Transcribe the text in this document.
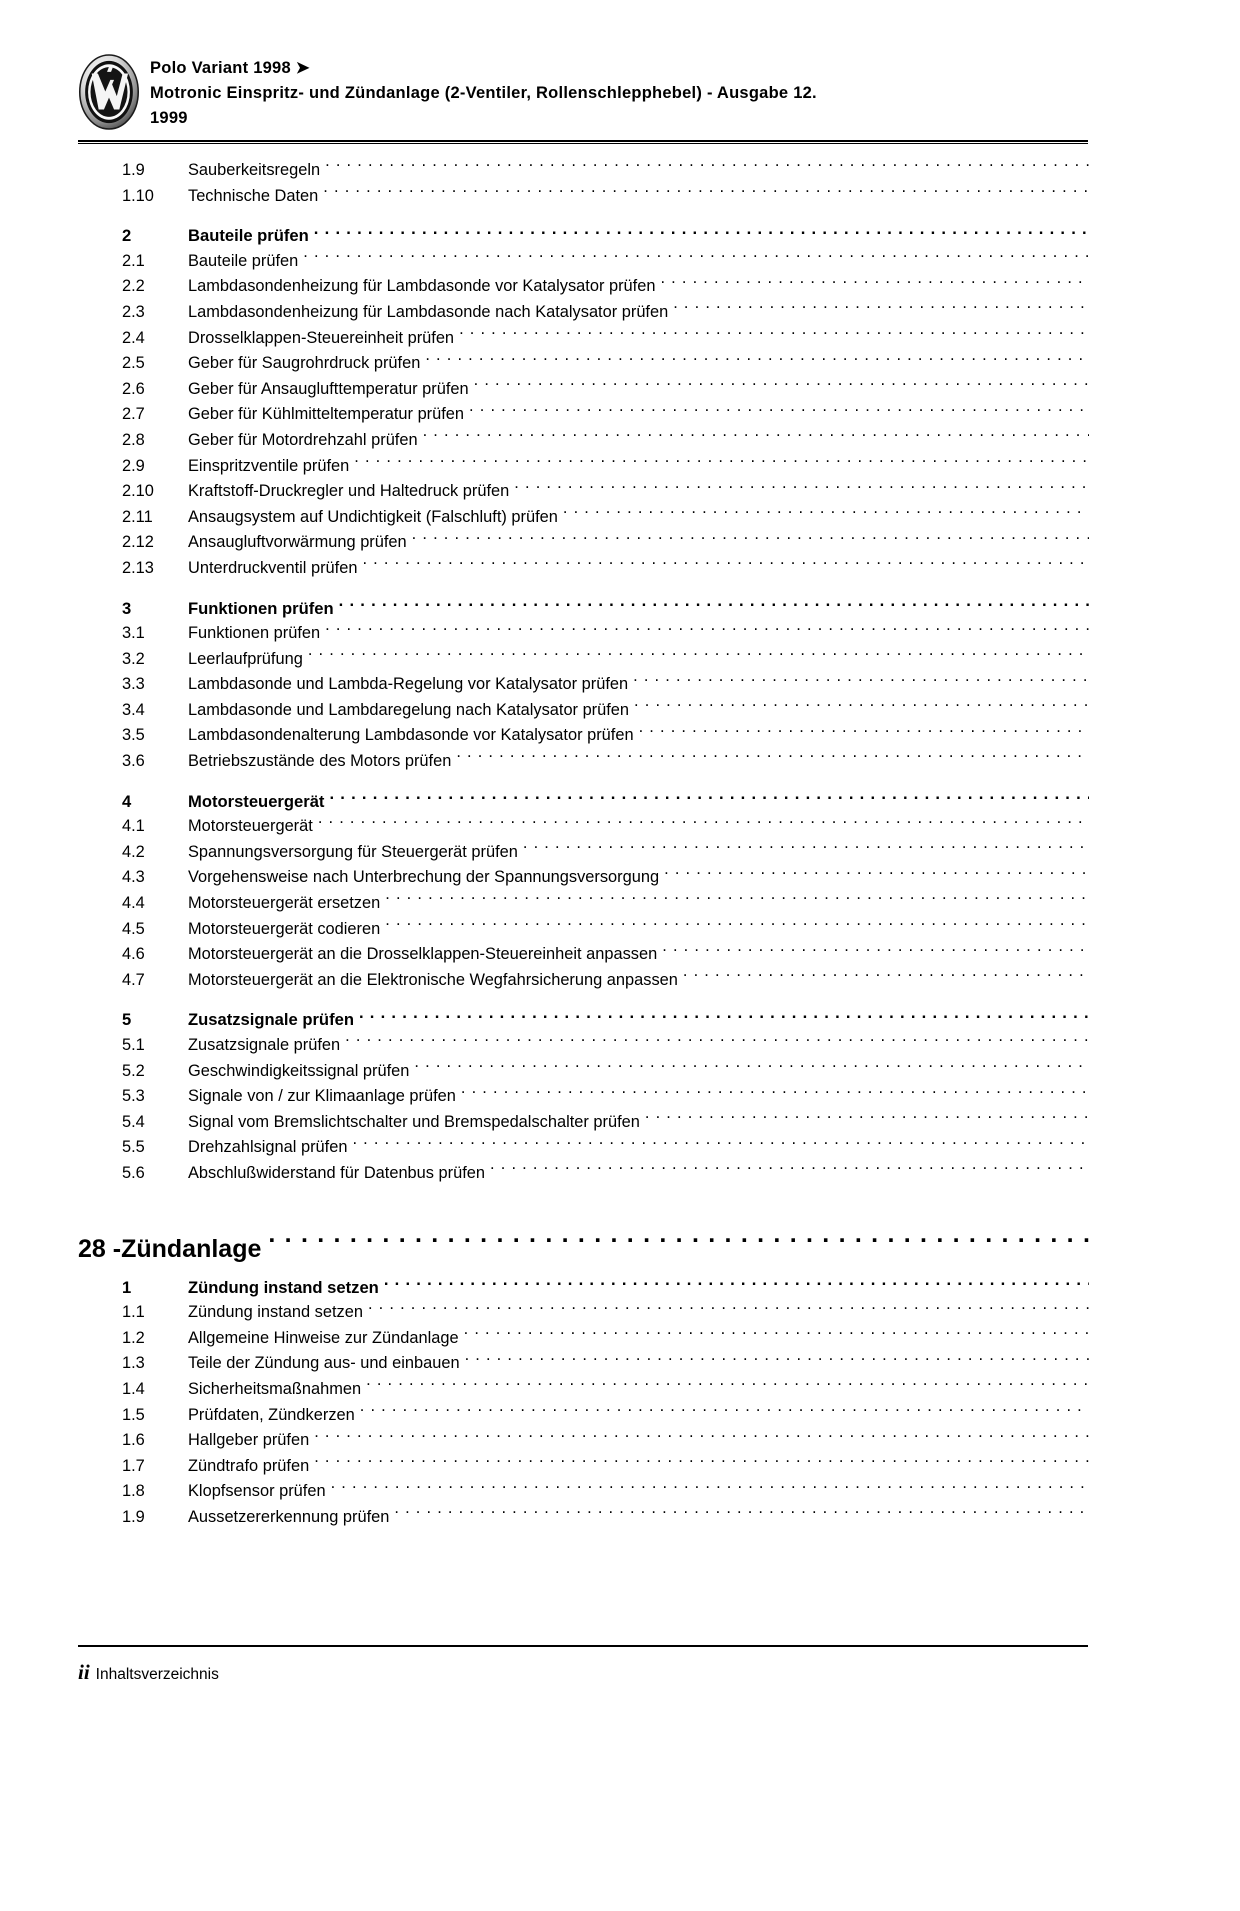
Polo Variant 1998 ➤
Motronic Einspritz- und Zündanlage (2-Ventiler, Rollenschlepphebel) - Ausgabe 12.
1999
1.9	Sauberkeitsregeln
. . .
1.10	Technische Daten
. . .
2	Bauteile prüfen
. . .
2.1	Bauteile prüfen
. . .
2.2	Lambdasondenheizung für Lambdasonde vor Katalysator prüfen
. . .
2.3	Lambdasondenheizung für Lambdasonde nach Katalysator prüfen
. . .
2.4	Drosselklappen-Steuereinheit prüfen
. . .
2.5	Geber für Saugrohrdruck prüfen
. . .
2.6	Geber für Ansauglufttemperatur prüfen
. . .
2.7	Geber für Kühlmitteltemperatur prüfen
. . .
2.8	Geber für Motordrehzahl prüfen
. . .
2.9	Einspritzventile prüfen
. . .
2.10	Kraftstoff-Druckregler und Haltedruck prüfen
. . .
2.11	Ansaugsystem auf Undichtigkeit (Falschluft) prüfen
. . .
2.12	Ansaugluftvorwärmung prüfen
. . .
2.13	Unterdruckventil prüfen
. . .
3	Funktionen prüfen
. . .
3.1	Funktionen prüfen
. . .
3.2	Leerlaufprüfung
. . .
3.3	Lambdasonde und Lambda-Regelung vor Katalysator prüfen
. . .
3.4	Lambdasonde und Lambdaregelung nach Katalysator prüfen
. . .
3.5	Lambdasondenalterung Lambdasonde vor Katalysator prüfen
. . .
3.6	Betriebszustände des Motors prüfen
. . .
4	Motorsteuergerät
. . .
4.1	Motorsteuergerät
. . .
4.2	Spannungsversorgung für Steuergerät prüfen
. . .
4.3	Vorgehensweise nach Unterbrechung der Spannungsversorgung
. . .
4.4	Motorsteuergerät ersetzen
. . .
4.5	Motorsteuergerät codieren
. . .
4.6	Motorsteuergerät an die Drosselklappen-Steuereinheit anpassen
. . .
4.7	Motorsteuergerät an die Elektronische Wegfahrsicherung anpassen
. . .
5	Zusatzsignale prüfen
. . .
5.1	Zusatzsignale prüfen
. . .
5.2	Geschwindigkeitssignal prüfen
. . .
5.3	Signale von / zur Klimaanlage prüfen
. . .
5.4	Signal vom Bremslichtschalter und Bremspedalschalter prüfen
. . .
5.5	Drehzahlsignal prüfen
. . .
5.6	Abschlußwiderstand für Datenbus prüfen
. . .
28 - Zündanlage
. . .
1	Zündung instand setzen
. . .
1.1	Zündung instand setzen
. . .
1.2	Allgemeine Hinweise zur Zündanlage
. . .
1.3	Teile der Zündung aus- und einbauen
. . .
1.4	Sicherheitsmaßnahmen
. . .
1.5	Prüfdaten, Zündkerzen
. . .
1.6	Hallgeber prüfen
. . .
1.7	Zündtrafo prüfen
. . .
1.8	Klopfsensor prüfen
. . .
1.9	Aussetzererkennung prüfen
. . .
ii Inhaltsverzeichnis
